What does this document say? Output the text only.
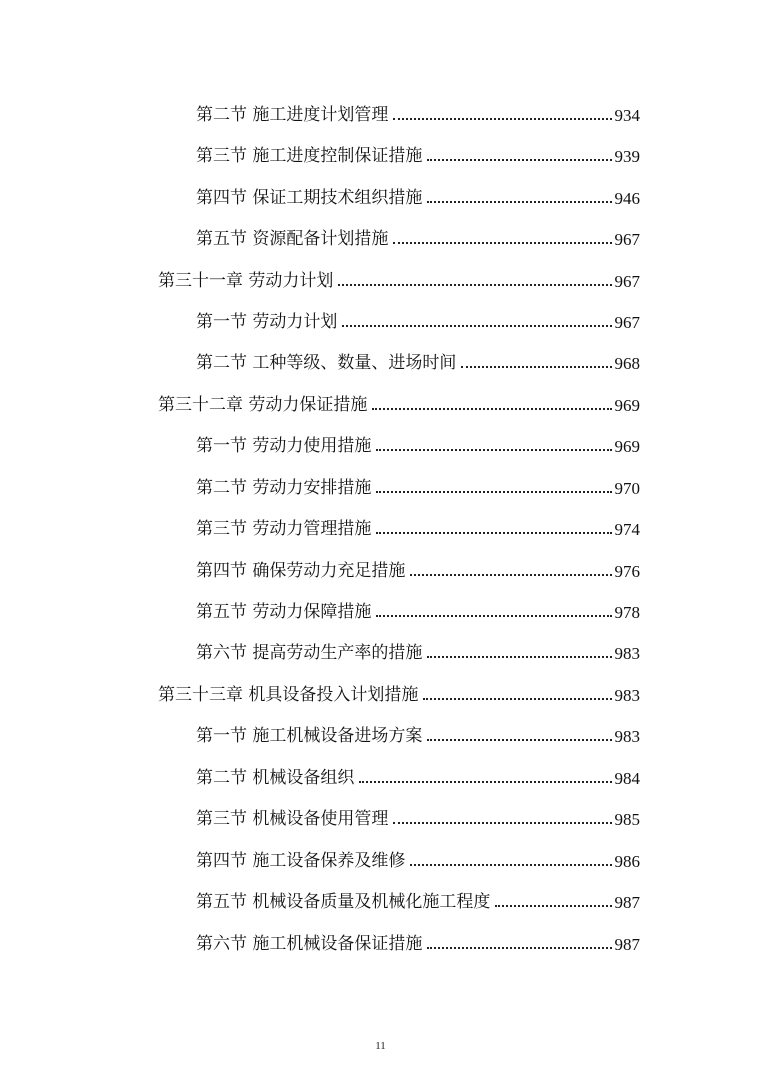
第二节 施工进度计划管理	934
第三节 施工进度控制保证措施	939
第四节 保证工期技术组织措施	946
第五节 资源配备计划措施	967
第三十一章 劳动力计划	967
第一节 劳动力计划	967
第二节 工种等级、数量、进场时间	968
第三十二章 劳动力保证措施	969
第一节 劳动力使用措施	969
第二节 劳动力安排措施	970
第三节 劳动力管理措施	974
第四节 确保劳动力充足措施	976
第五节 劳动力保障措施	978
第六节 提高劳动生产率的措施	983
第三十三章 机具设备投入计划措施	983
第一节 施工机械设备进场方案	983
第二节 机械设备组织	984
第三节 机械设备使用管理	985
第四节 施工设备保养及维修	986
第五节 机械设备质量及机械化施工程度	987
第六节 施工机械设备保证措施	987
11
